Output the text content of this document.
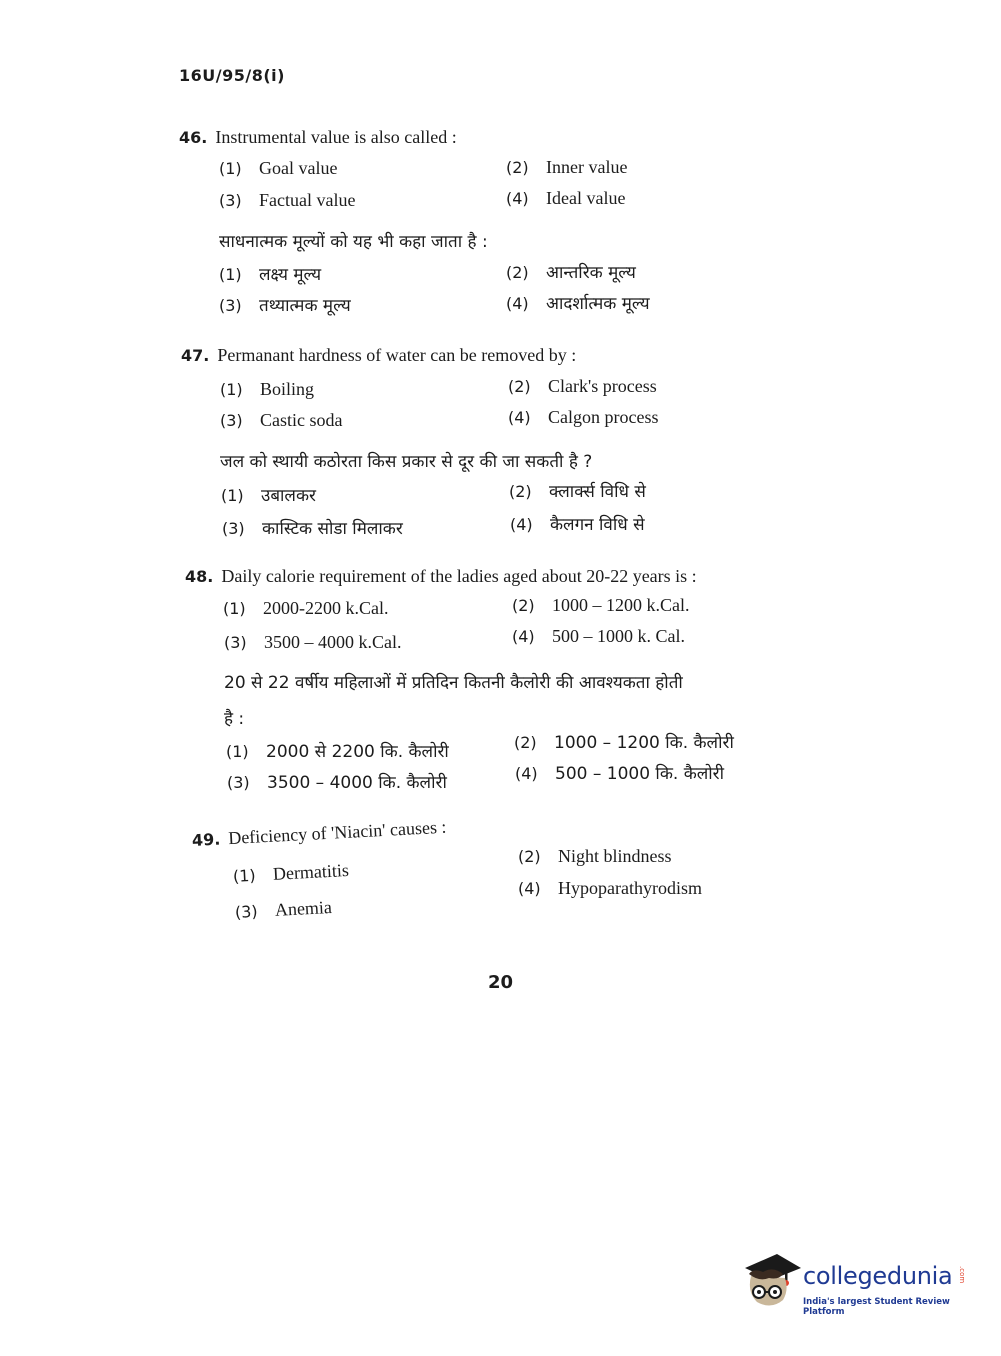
16U/95/8(i)
46. Instrumental value is also called :
(1) Goal value	(2) Inner value
(3) Factual value	(4) Ideal value
साधनात्मक मूल्यों को यह भी कहा जाता है :
(1) लक्ष्य मूल्य	(2) आन्तरिक मूल्य
(3) तथ्यात्मक मूल्य	(4) आदर्शात्मक मूल्य
47. Permanant hardness of water can be removed by :
(1) Boiling	(2) Clark's process
(3) Castic soda	(4) Calgon process
जल को स्थायी कठोरता किस प्रकार से दूर की जा सकती है ?
(1) उबालकर	(2) क्लार्क्स विधि से
(3) कास्टिक सोडा मिलाकर	(4) कैलगन विधि से
48. Daily calorie requirement of the ladies aged about 20-22 years is :
(1) 2000-2200 k.Cal.	(2) 1000 – 1200 k.Cal.
(3) 3500 – 4000 k.Cal.	(4) 500 – 1000 k. Cal.
20 से 22 वर्षीय महिलाओं में प्रतिदिन कितनी कैलोरी की आवश्यकता होती
है :
(1) 2000 से 2200 कि. कैलोरी	(2) 1000 – 1200 कि. कैलोरी
(3) 3500 – 4000 कि. कैलोरी	(4) 500 – 1000 कि. कैलोरी
49. Deficiency of 'Niacin' causes :
(1) Dermatitis
(2) Night blindness
(3) Anemia
(4) Hypoparathyrodism
20
collegedunia .com
India's largest Student Review Platform
